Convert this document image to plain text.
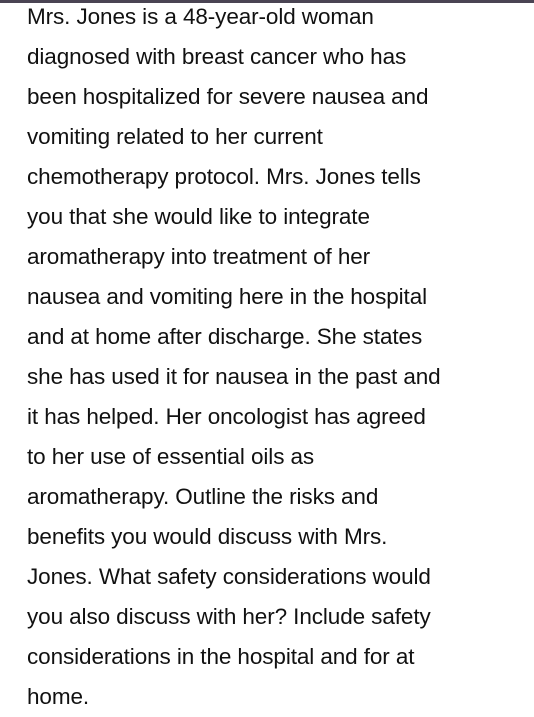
Mrs. Jones is a 48-year-old woman
diagnosed with breast cancer who has
been hospitalized for severe nausea and
vomiting related to her current
chemotherapy protocol. Mrs. Jones tells
you that she would like to integrate
aromatherapy into treatment of her
nausea and vomiting here in the hospital
and at home after discharge. She states
she has used it for nausea in the past and
it has helped. Her oncologist has agreed
to her use of essential oils as
aromatherapy. Outline the risks and
benefits you would discuss with Mrs.
Jones. What safety considerations would
you also discuss with her? Include safety
considerations in the hospital and for at
home.
